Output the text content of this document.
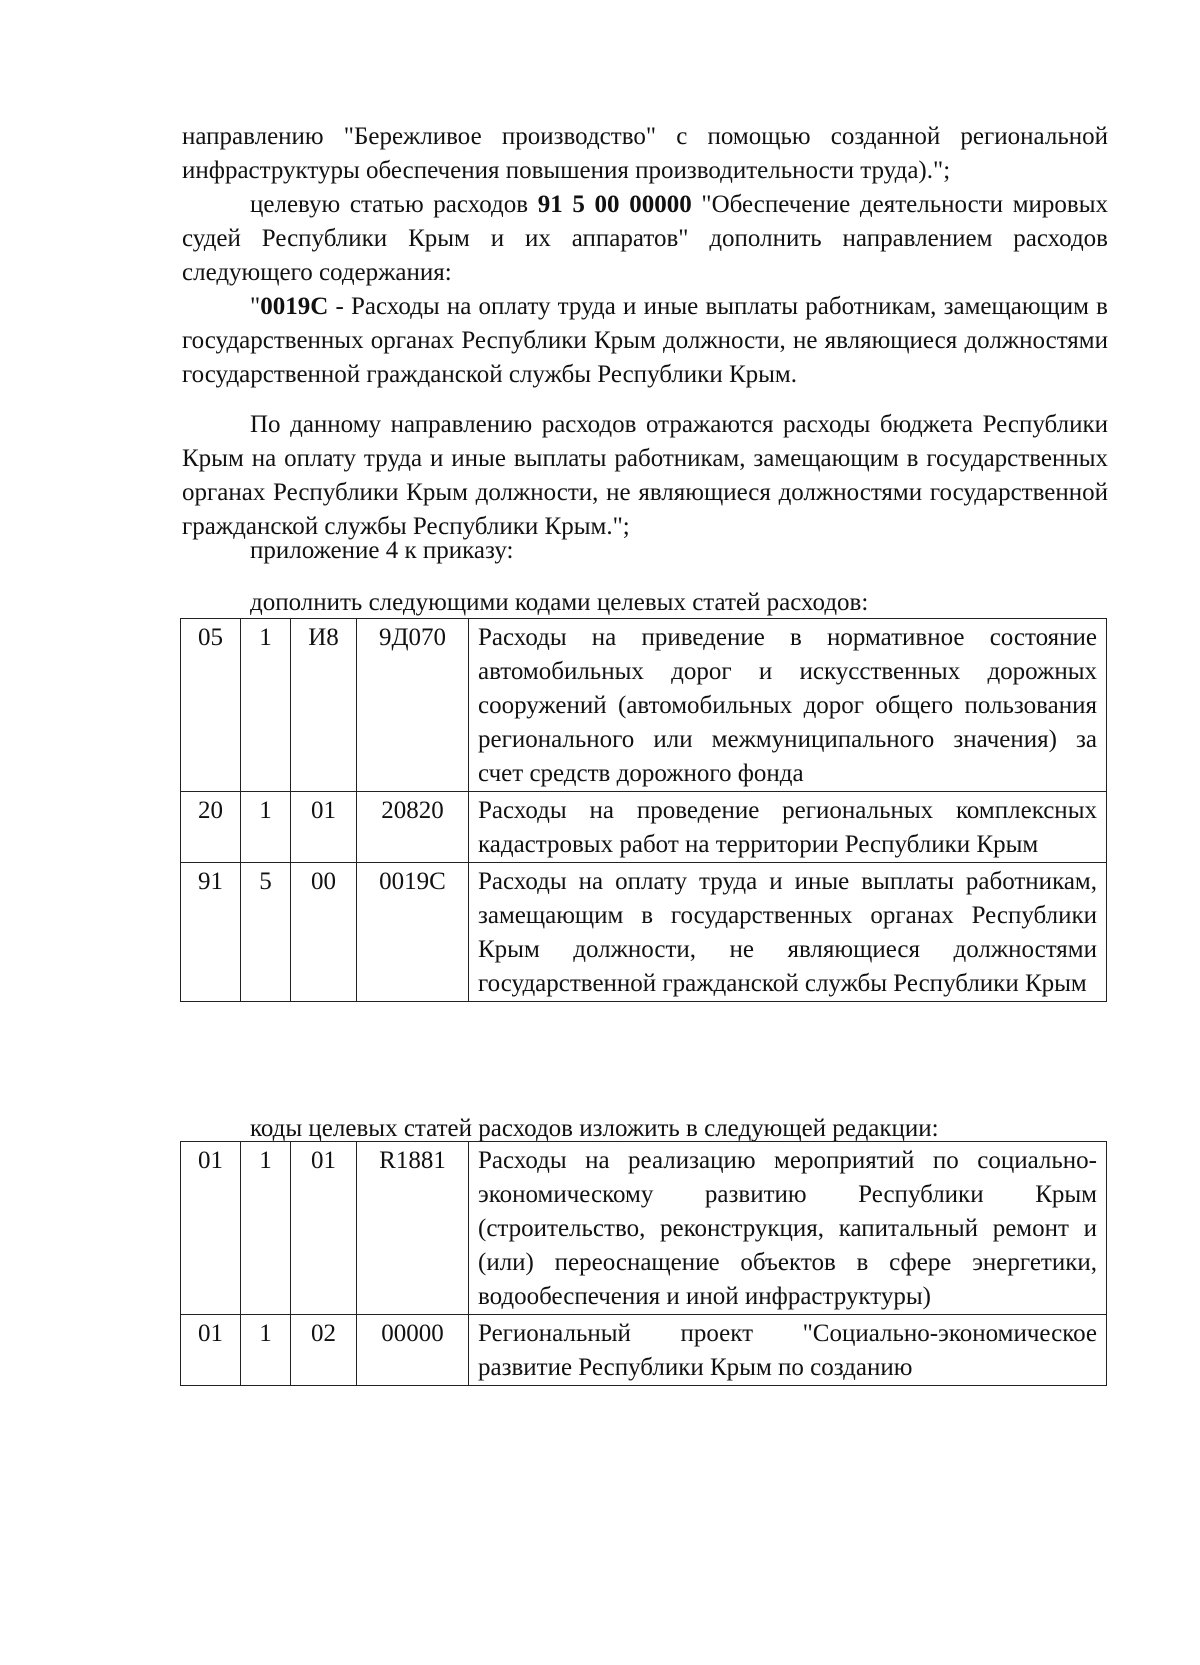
направлению "Бережливое производство" с помощью созданной региональной инфраструктуры обеспечения повышения производительности труда).";

целевую статью расходов 91 5 00 00000 "Обеспечение деятельности мировых судей Республики Крым и их аппаратов" дополнить направлением расходов следующего содержания:

"0019С - Расходы на оплату труда и иные выплаты работникам, замещающим в государственных органах Республики Крым должности, не являющиеся должностями государственной гражданской службы Республики Крым.

По данному направлению расходов отражаются расходы бюджета Республики Крым на оплату труда и иные выплаты работникам, замещающим в государственных органах Республики Крым должности, не являющиеся должностями государственной гражданской службы Республики Крым.";

приложение 4 к приказу:

дополнить следующими кодами целевых статей расходов:

05	1	И8	9Д070	Расходы на приведение в нормативное состояние автомобильных дорог и искусственных дорожных сооружений (автомобильных дорог общего пользования регионального или межмуниципального значения) за счет средств дорожного фонда
20	1	01	20820	Расходы на проведение региональных комплексных кадастровых работ на территории Республики Крым
91	5	00	0019С	Расходы на оплату труда и иные выплаты работникам, замещающим в государственных органах Республики Крым должности, не являющиеся должностями государственной гражданской службы Республики Крым

коды целевых статей расходов изложить в следующей редакции:

01	1	01	R1881	Расходы на реализацию мероприятий по социально-экономическому развитию Республики Крым (строительство, реконструкция, капитальный ремонт и (или) переоснащение объектов в сфере энергетики, водообеспечения и иной инфраструктуры)
01	1	02	00000	Региональный проект "Социально-экономическое развитие Республики Крым по созданию
